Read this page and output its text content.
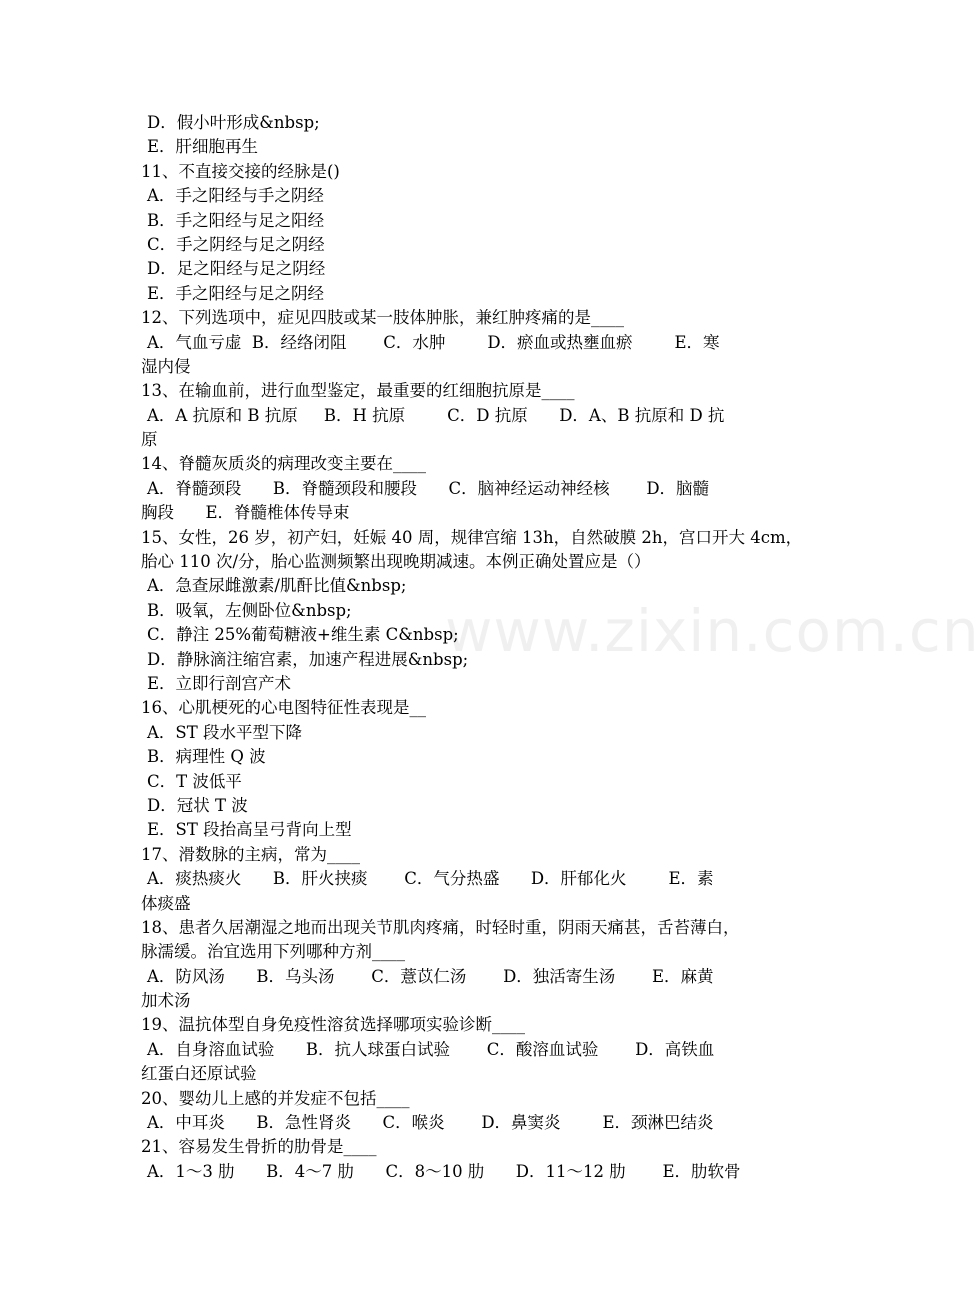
www.zixin.com.cn
D．假小叶形成&nbsp;
E．肝细胞再生
11、不直接交接的经脉是()
A．手之阳经与手之阴经
B．手之阳经与足之阳经
C．手之阴经与足之阴经
D．足之阳经与足之阴经
E．手之阳经与足之阴经
12、下列选项中，症见四肢或某一肢体肿胀，兼红肿疼痛的是____
A．气血亏虚  B．经络闭阻       C．水肿        D．瘀血或热壅血瘀        E．寒
湿内侵
13、在输血前，进行血型鉴定，最重要的红细胞抗原是____
A．A 抗原和 B 抗原     B．H 抗原        C．D 抗原      D．A、B 抗原和 D 抗
原
14、脊髓灰质炎的病理改变主要在____
A．脊髓颈段      B．脊髓颈段和腰段      C．脑神经运动神经核       D．脑髓
胸段      E．脊髓椎体传导束
15、女性，26 岁，初产妇，妊娠 40 周，规律宫缩 13h，自然破膜 2h，宫口开大 4cm，
胎心 110 次/分，胎心监测频繁出现晚期减速。本例正确处置应是（）
A．急查尿雌激素/肌酐比值&nbsp;
B．吸氧，左侧卧位&nbsp;
C．静注 25%葡萄糖液+维生素 C&nbsp;
D．静脉滴注缩宫素，加速产程进展&nbsp;
E．立即行剖宫产术
16、心肌梗死的心电图特征性表现是__
A．ST 段水平型下降
B．病理性 Q 波
C．T 波低平
D．冠状 T 波
E．ST 段抬高呈弓背向上型
17、滑数脉的主病，常为____
A．痰热痰火      B．肝火挟痰       C．气分热盛      D．肝郁化火        E．素
体痰盛
18、患者久居潮湿之地而出现关节肌肉疼痛，时轻时重，阴雨天痛甚，舌苔薄白，
脉濡缓。治宜选用下列哪种方剂____
A．防风汤      B．乌头汤       C．薏苡仁汤       D．独活寄生汤       E．麻黄
加术汤
19、温抗体型自身免疫性溶贫选择哪项实验诊断____
A．自身溶血试验      B．抗人球蛋白试验       C．酸溶血试验       D．高铁血
红蛋白还原试验
20、婴幼儿上感的并发症不包括____
A．中耳炎      B．急性肾炎      C．喉炎       D．鼻窦炎        E．颈淋巴结炎
21、容易发生骨折的肋骨是____
A．1～3 肋      B．4～7 肋      C．8～10 肋      D．11～12 肋       E．肋软骨
